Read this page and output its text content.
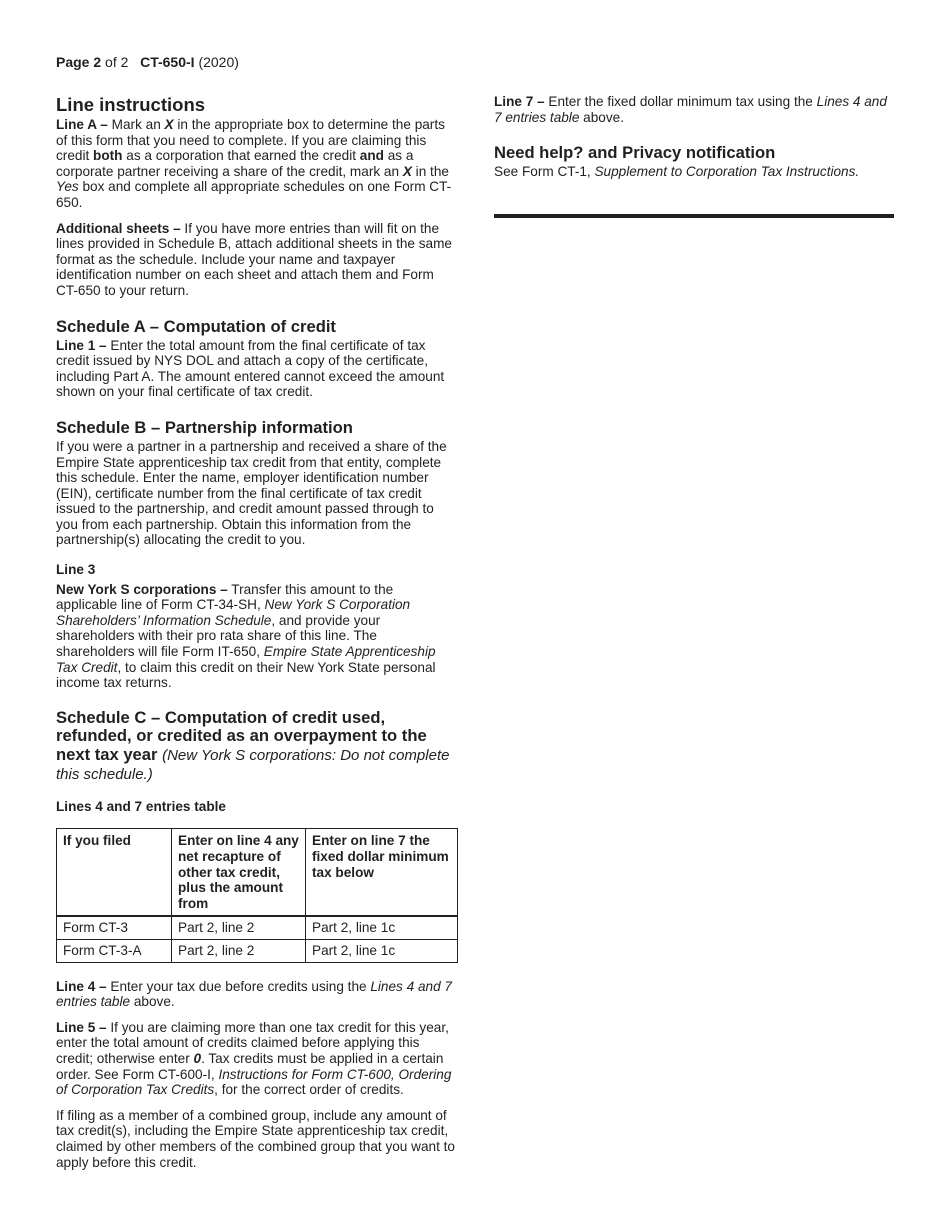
Page 2 of 2 CT-650-I (2020)
Line instructions

Line A – Mark an X in the appropriate box to determine the parts of this form that you need to complete. If you are claiming this credit both as a corporation that earned the credit and as a corporate partner receiving a share of the credit, mark an X in the Yes box and complete all appropriate schedules on one Form CT-650.

Additional sheets – If you have more entries than will fit on the lines provided in Schedule B, attach additional sheets in the same format as the schedule. Include your name and taxpayer identification number on each sheet and attach them and Form CT-650 to your return.

Schedule A – Computation of credit

Line 1 – Enter the total amount from the final certificate of tax credit issued by NYS DOL and attach a copy of the certificate, including Part A. The amount entered cannot exceed the amount shown on your final certificate of tax credit.

Schedule B – Partnership information

If you were a partner in a partnership and received a share of the Empire State apprenticeship tax credit from that entity, complete this schedule. Enter the name, employer identification number (EIN), certificate number from the final certificate of tax credit issued to the partnership, and credit amount passed through to you from each partnership. Obtain this information from the partnership(s) allocating the credit to you.

Line 3

New York S corporations – Transfer this amount to the applicable line of Form CT-34-SH, New York S Corporation Shareholders’ Information Schedule, and provide your shareholders with their pro rata share of this line. The shareholders will file Form IT-650, Empire State Apprenticeship Tax Credit, to claim this credit on their New York State personal income tax returns.

Schedule C – Computation of credit used, refunded, or credited as an overpayment to the next tax year (New York S corporations: Do not complete this schedule.)
Lines 4 and 7 entries table
If you filed	Enter on line 4 any net recapture of other tax credit, plus the amount from	Enter on line 7 the fixed dollar minimum tax below
Form CT-3	Part 2, line 2	Part 2, line 1c
Form CT-3-A	Part 2, line 2	Part 2, line 1c

Line 4 – Enter your tax due before credits using the Lines 4 and 7 entries table above.

Line 5 – If you are claiming more than one tax credit for this year, enter the total amount of credits claimed before applying this credit; otherwise enter 0. Tax credits must be applied in a certain order. See Form CT-600-I, Instructions for Form CT-600, Ordering of Corporation Tax Credits, for the correct order of credits.

If filing as a member of a combined group, include any amount of tax credit(s), including the Empire State apprenticeship tax credit, claimed by other members of the combined group that you want to apply before this credit.

Line 7 – Enter the fixed dollar minimum tax using the Lines 4 and 7 entries table above.

Need help? and Privacy notification

See Form CT-1, Supplement to Corporation Tax Instructions.
